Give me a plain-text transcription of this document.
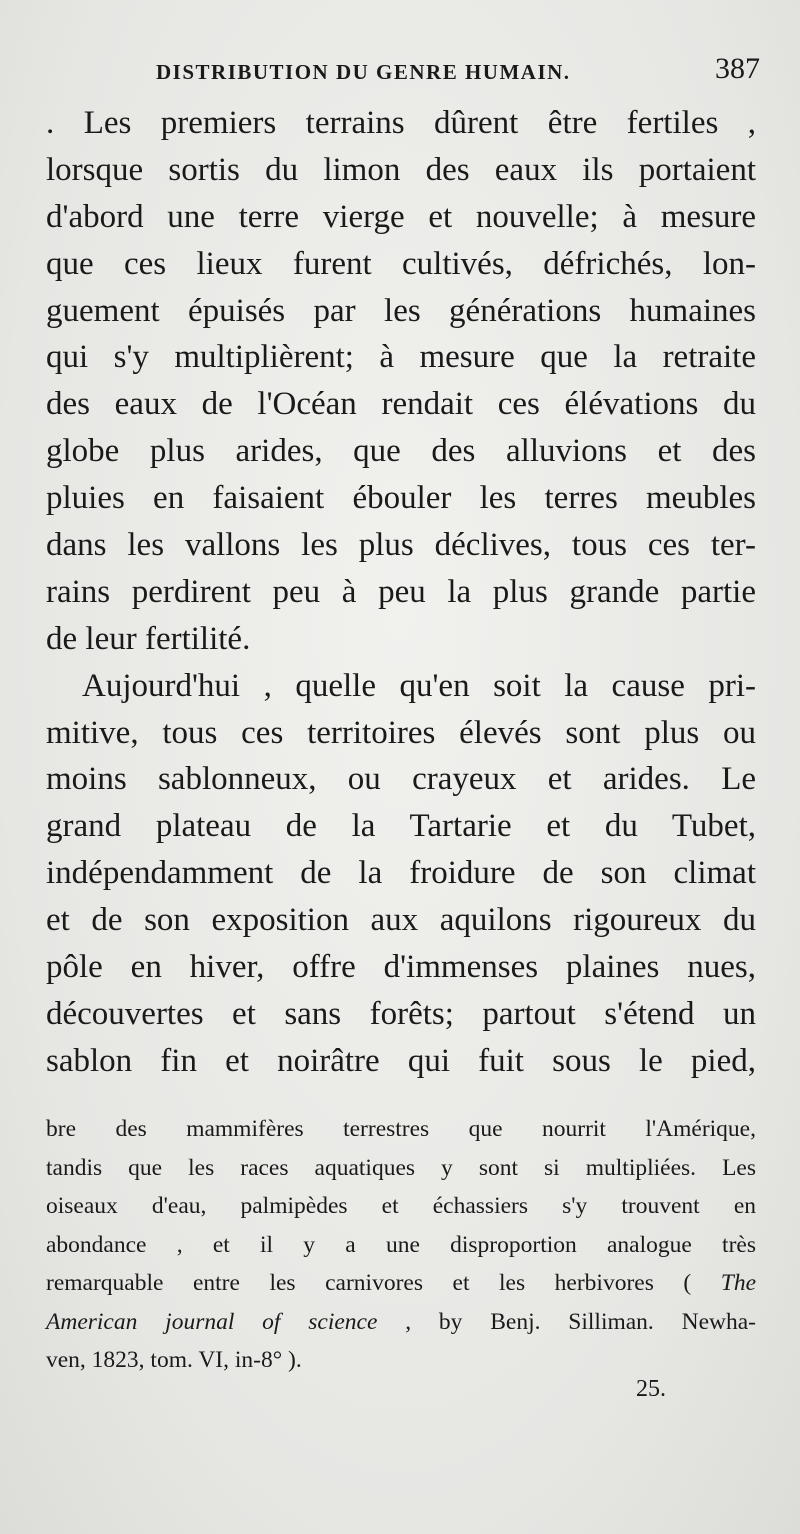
DISTRIBUTION DU GENRE HUMAIN.	387
. Les premiers terrains dûrent être fertiles ,
lorsque sortis du limon des eaux ils portaient
d'abord une terre vierge et nouvelle; à mesure
que ces lieux furent cultivés, défrichés, lon-
guement épuisés par les générations humaines
qui s'y multiplièrent; à mesure que la retraite
des eaux de l'Océan rendait ces élévations du
globe plus arides, que des alluvions et des
pluies en faisaient ébouler les terres meubles
dans les vallons les plus déclives, tous ces ter-
rains perdirent peu à peu la plus grande partie
de leur fertilité.
Aujourd'hui , quelle qu'en soit la cause pri-
mitive, tous ces territoires élevés sont plus ou
moins sablonneux, ou crayeux et arides. Le
grand plateau de la Tartarie et du Tubet,
indépendamment de la froidure de son climat
et de son exposition aux aquilons rigoureux du
pôle en hiver, offre d'immenses plaines nues,
découvertes et sans forêts; partout s'étend un
sablon fin et noirâtre qui fuit sous le pied,
bre des mammifères terrestres que nourrit l'Amérique,
tandis que les races aquatiques y sont si multipliées. Les
oiseaux d'eau, palmipèdes et échassiers s'y trouvent en
abondance , et il y a une disproportion analogue très
remarquable entre les carnivores et les herbivores ( The
American journal of science , by Benj. Silliman. Newha-
ven, 1823, tom. VI, in-8° ).
25.
